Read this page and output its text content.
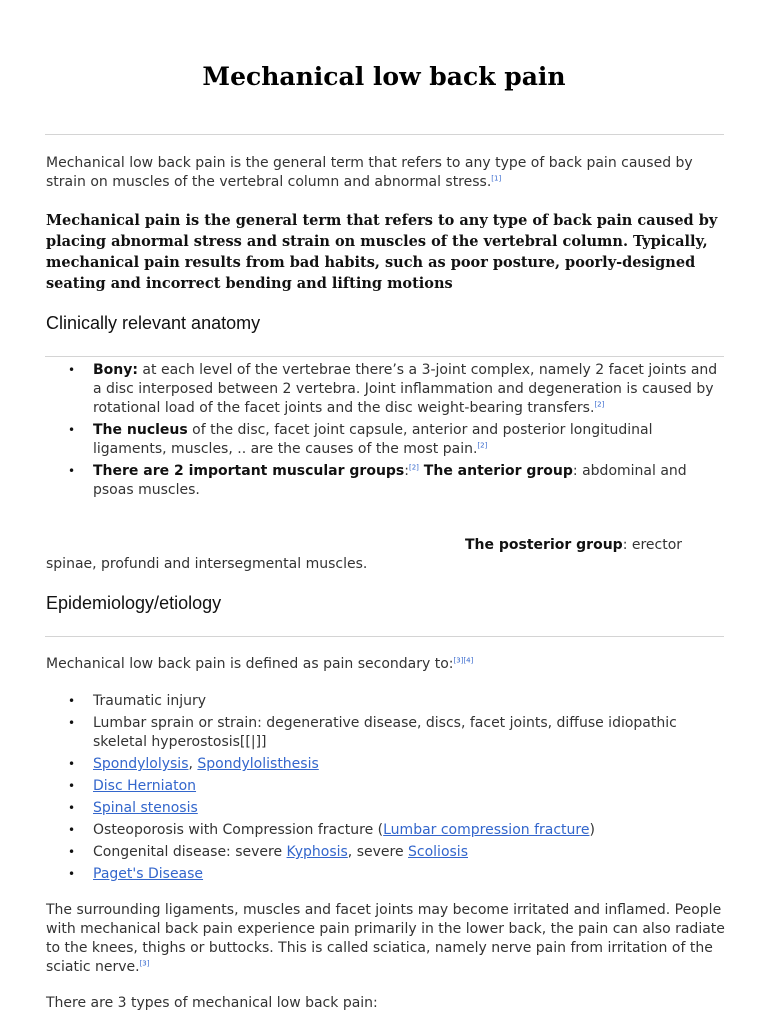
Mechanical low back pain

Mechanical low back pain is the general term that refers to any type of back pain caused by strain on muscles of the vertebral column and abnormal stress.[1]

Mechanical pain is the general term that refers to any type of back pain caused by placing abnormal stress and strain on muscles of the vertebral column. Typically, mechanical pain results from bad habits, such as poor posture, poorly-designed seating and incorrect bending and lifting motions

Clinically relevant anatomy
• Bony: at each level of the vertebrae there’s a 3-joint complex, namely 2 facet joints and a disc interposed between 2 vertebra. Joint inflammation and degeneration is caused by rotational load of the facet joints and the disc weight-bearing transfers.[2]
• The nucleus of the disc, facet joint capsule, anterior and posterior longitudinal ligaments, muscles, .. are the causes of the most pain.[2]
• There are 2 important muscular groups:[2] The anterior group: abdominal and psoas muscles.

The posterior group: erector spinae, profundi and intersegmental muscles.

Epidemiology/etiology

Mechanical low back pain is defined as pain secondary to:[3][4]

• Traumatic injury
• Lumbar sprain or strain: degenerative disease, discs, facet joints, diffuse idiopathic skeletal hyperostosis[[|]]
• Spondylolysis, Spondylolisthesis
• Disc Herniaton
• Spinal stenosis
• Osteoporosis with Compression fracture (Lumbar compression fracture)
• Congenital disease: severe Kyphosis, severe Scoliosis
• Paget's Disease

The surrounding ligaments, muscles and facet joints may become irritated and inflamed. People with mechanical back pain experience pain primarily in the lower back, the pain can also radiate to the knees, thighs or buttocks. This is called sciatica, namely nerve pain from irritation of the sciatic nerve.[3]

There are 3 types of mechanical low back pain:
